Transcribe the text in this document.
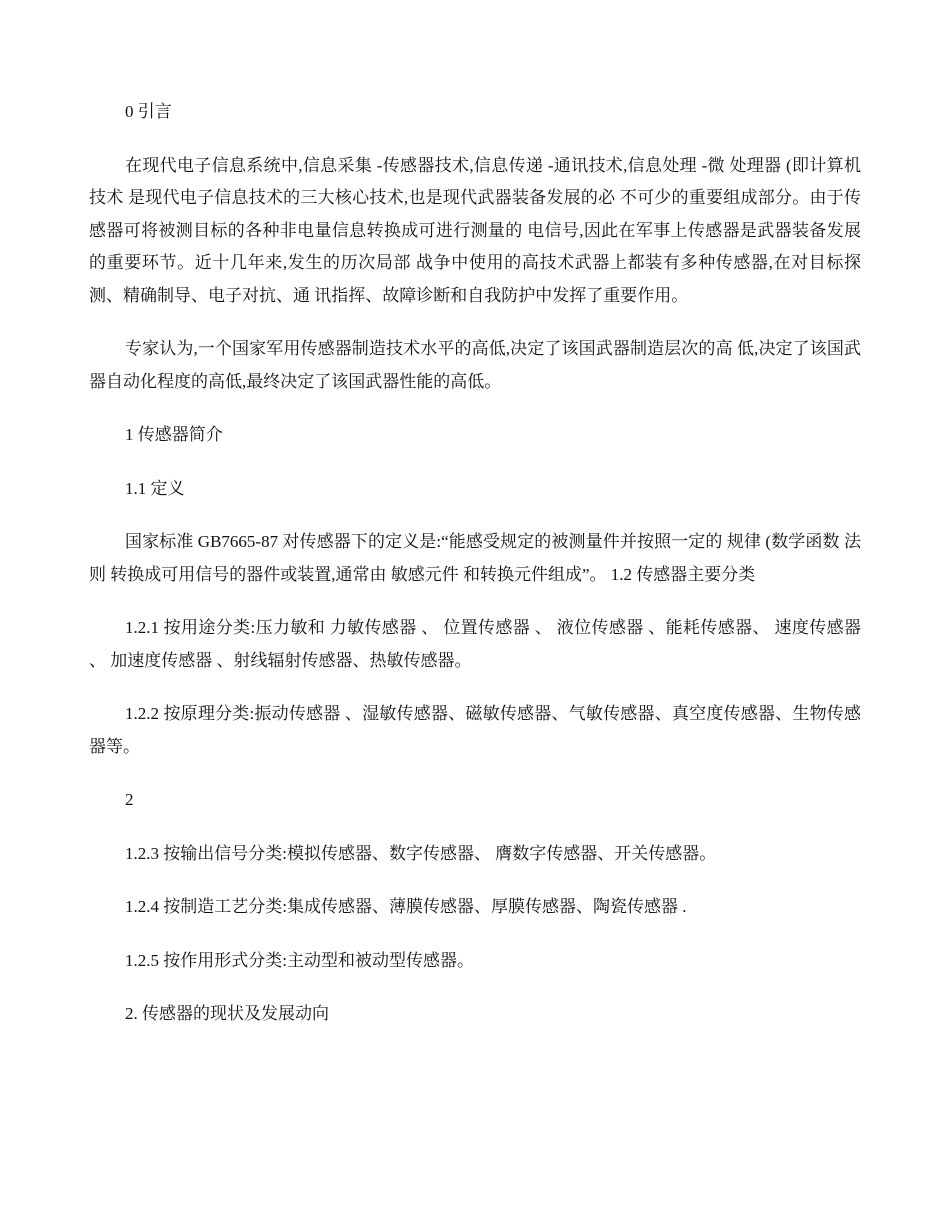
0 引言

在现代电子信息系统中,信息采集 -传感器技术,信息传递 -通讯技术,信息处理 -微 处理器 (即计算机技术 是现代电子信息技术的三大核心技术,也是现代武器装备发展的必 不可少的重要组成部分。由于传感器可将被测目标的各种非电量信息转换成可进行测量的 电信号,因此在军事上传感器是武器装备发展的重要环节。近十几年来,发生的历次局部 战争中使用的高技术武器上都装有多种传感器,在对目标探测、精确制导、电子对抗、通 讯指挥、故障诊断和自我防护中发挥了重要作用。

专家认为,一个国家军用传感器制造技术水平的高低,决定了该国武器制造层次的高 低,决定了该国武器自动化程度的高低,最终决定了该国武器性能的高低。

1 传感器简介

1.1 定义

国家标准 GB7665-87 对传感器下的定义是:“能感受规定的被测量件并按照一定的 规律 (数学函数 法则 转换成可用信号的器件或装置,通常由 敏感元件 和转换元件组成”。 1.2 传感器主要分类

1.2.1 按用途分类:压力敏和 力敏传感器 、 位置传感器 、 液位传感器 、能耗传感器、 速度传感器 、 加速度传感器 、射线辐射传感器、热敏传感器。

1.2.2 按原理分类:振动传感器 、湿敏传感器、磁敏传感器、气敏传感器、真空度传感器、生物传感器等。

2

1.2.3 按输出信号分类:模拟传感器、数字传感器、 膺数字传感器、开关传感器。

1.2.4 按制造工艺分类:集成传感器、薄膜传感器、厚膜传感器、陶瓷传感器 .

1.2.5 按作用形式分类:主动型和被动型传感器。

2. 传感器的现状及发展动向
